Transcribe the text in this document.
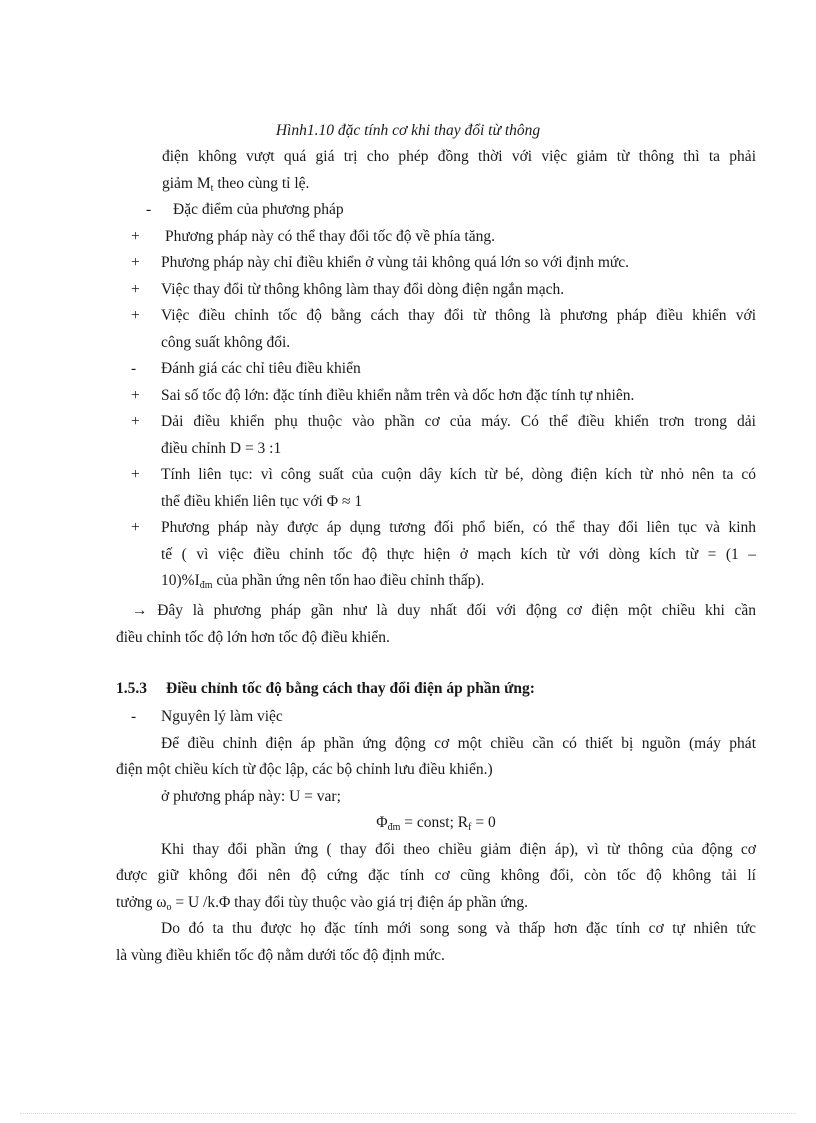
Hình1.10 đặc tính cơ khi thay đổi từ thông
điện không vượt quá giá trị cho phép đồng thời với việc giảm từ thông thì ta phải
giảm $M_t$ theo cùng tỉ lệ.
- Đặc điểm của phương pháp
+ Phương pháp này có thể thay đổi tốc độ về phía tăng.
+ Phương pháp này chỉ điều khiển ở vùng tải không quá lớn so với định mức.
+ Việc thay đổi từ thông không làm thay đổi dòng điện ngắn mạch.
+ Việc điều chỉnh tốc độ bằng cách thay đổi từ thông là phương pháp điều khiển với
công suất không đổi.
- Đánh giá các chỉ tiêu điều khiển
+ Sai số tốc độ lớn: đặc tính điều khiển nằm trên và dốc hơn đặc tính tự nhiên.
+ Dải điều khiển phụ thuộc vào phần cơ của máy. Có thể điều khiển trơn trong dải
điều chỉnh D = 3 :1
+ Tính liên tục: vì công suất của cuộn dây kích từ bé, dòng điện kích từ nhỏ nên ta có
thể điều khiển liên tục với Φ ≈ 1
+ Phương pháp này được áp dụng tương đối phổ biến, có thể thay đổi liên tục và kinh
tế ( vì việc điều chỉnh tốc độ thực hiện ở mạch kích từ với dòng kích từ = (1 –
$10)\%I_{đm}$ của phần ứng nên tổn hao điều chỉnh thấp).
→ Đây là phương pháp gần như là duy nhất đối với động cơ điện một chiều khi cần
điều chỉnh tốc độ lớn hơn tốc độ điều khiển.
1.5.3 Điều chỉnh tốc độ bằng cách thay đổi điện áp phần ứng:
- Nguyên lý làm việc
Để điều chỉnh điện áp phần ứng động cơ một chiều cần có thiết bị nguồn (máy phát
điện một chiều kích từ độc lập, các bộ chỉnh lưu điều khiển.)
ở phương pháp này: U = var;
$\Phi_{đm}$ = const; $R_f = 0$
Khi thay đổi phần ứng ( thay đổi theo chiều giảm điện áp), vì từ thông của động cơ
được giữ không đổi nên độ cứng đặc tính cơ cũng không đổi, còn tốc độ không tải lí
tưởng $\omega_o = U$ /k.Φ thay đổi tùy thuộc vào giá trị điện áp phần ứng.
Do đó ta thu được họ đặc tính mới song song và thấp hơn đặc tính cơ tự nhiên tức
là vùng điều khiển tốc độ nằm dưới tốc độ định mức.
